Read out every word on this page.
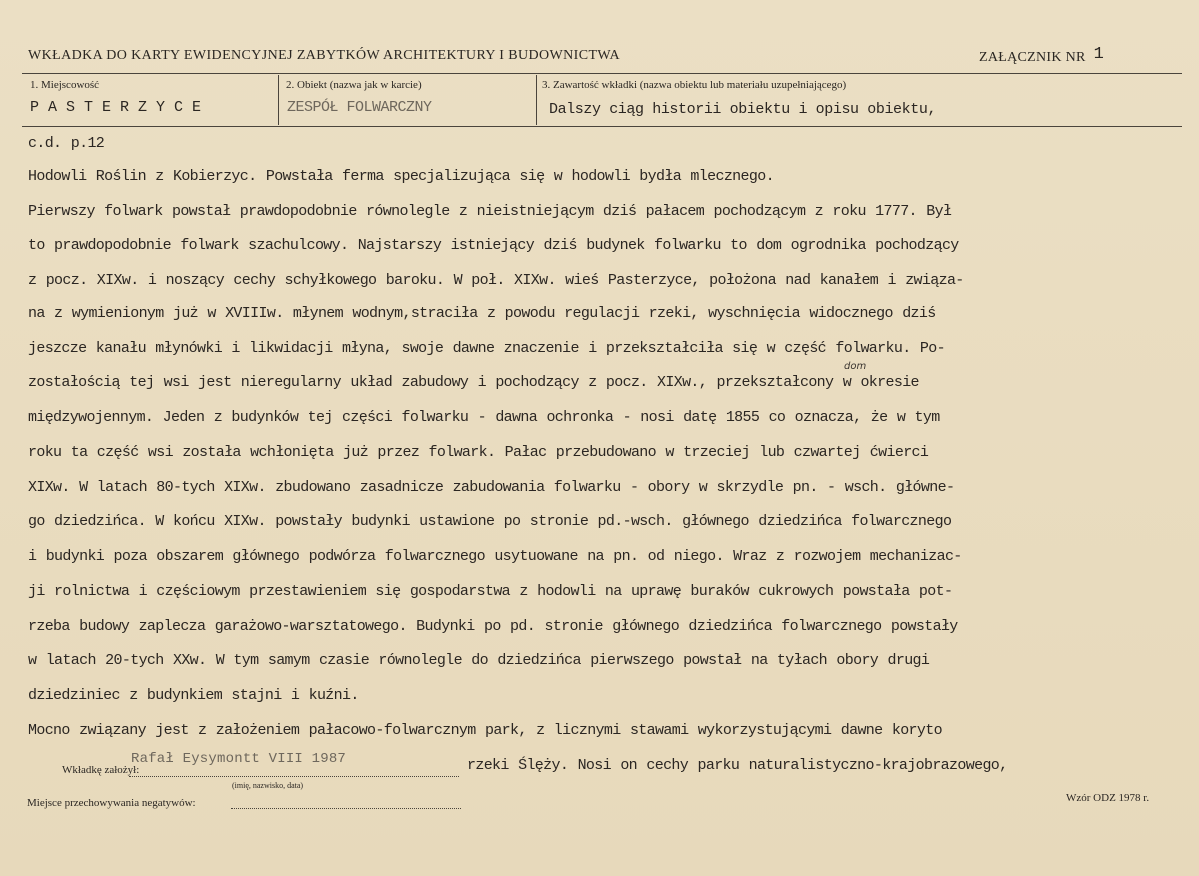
WKŁADKA DO KARTY EWIDENCYJNEJ ZABYTKÓW ARCHITEKTURY I BUDOWNICTWA	ZAŁĄCZNIK NR 1
1. Miejscowość
PASTERZYCE
2. Obiekt (nazwa jak w karcie)
ZESPÓŁ FOLWARCZNY
3. Zawartość wkładki (nazwa obiektu lub materiału uzupełniającego)
Dalszy ciąg historii obiektu i opisu obiektu,
c.d. p.12
Hodowli Roślin z Kobierzyc. Powstała ferma specjalizująca się w hodowli bydła mlecznego.
Pierwszy folwark powstał prawdopodobnie równolegle z nieistniejącym dziś pałacem pochodzącym z roku 1777. Był
to prawdopodobnie folwark szachulcowy. Najstarszy istniejący dziś budynek folwarku to dom ogrodnika pochodzący
z pocz. XIXw. i noszący cechy schyłkowego baroku. W poł. XIXw. wieś Pasterzyce, położona nad kanałem i związa-
na z wymienionym już w XVIIIw. młynem wodnym,straciła z powodu regulacji rzeki, wyschnięcia widocznego dziś
jeszcze kanału młynówki i likwidacji młyna, swoje dawne znaczenie i przekształciła się w część folwarku. Po-
dom
zostałością tej wsi jest nieregularny układ zabudowy i pochodzący z pocz. XIXw., przekształcony w okresie
międzywojennym. Jeden z budynków tej części folwarku - dawna ochronka - nosi datę 1855 co oznacza, że w tym
roku ta część wsi została wchłonięta już przez folwark. Pałac przebudowano w trzeciej lub czwartej ćwierci
XIXw. W latach 80-tych XIXw. zbudowano zasadnicze zabudowania folwarku - obory w skrzydle pn. - wsch. główne-
go dziedzińca. W końcu XIXw. powstały budynki ustawione po stronie pd.-wsch. głównego dziedzińca folwarcznego
i budynki poza obszarem głównego podwórza folwarcznego usytuowane na pn. od niego. Wraz z rozwojem mechanizac-
ji rolnictwa i częściowym przestawieniem się gospodarstwa z hodowli na uprawę buraków cukrowych powstała pot-
rzeba budowy zaplecza garażowo-warsztatowego. Budynki po pd. stronie głównego dziedzińca folwarcznego powstały
w latach 20-tych XXw. W tym samym czasie równolegle do dziedzińca pierwszego powstał na tyłach obory drugi
dziedziniec z budynkiem stajni i kuźni.
Mocno związany jest z założeniem pałacowo-folwarcznym park, z licznymi stawami wykorzystującymi dawne koryto
Wkładkę założył:
Rafał Eysymontt VIII 1987	rzeki Ślęży. Nosi on cechy parku naturalistyczno-krajobrazowego,
(imię, nazwisko, data)
Miejsce przechowywania negatywów:	Wzór ODZ 1978 r.
